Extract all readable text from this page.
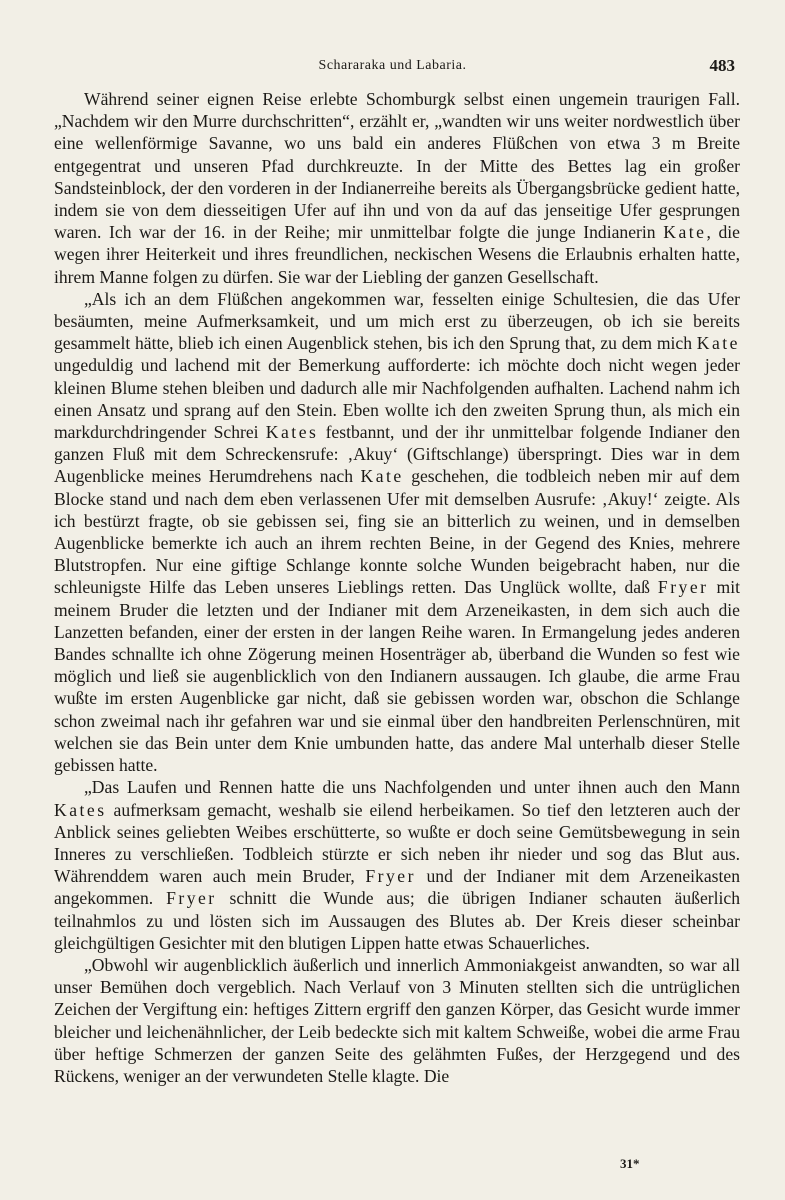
Schararaka und Labaria.	483

Während seiner eignen Reise erlebte Schomburgk selbst einen ungemein traurigen Fall. „Nachdem wir den Murre durchschritten“, erzählt er, „wandten wir uns weiter nordwestlich über eine wellenförmige Savanne, wo uns bald ein anderes Flüßchen von etwa 3 m Breite entgegentrat und unseren Pfad durchkreuzte. In der Mitte des Bettes lag ein großer Sandsteinblock, der den vorderen in der Indianerreihe bereits als Übergangsbrücke gedient hatte, indem sie von dem diesseitigen Ufer auf ihn und von da auf das jenseitige Ufer gesprungen waren. Ich war der 16. in der Reihe; mir unmittelbar folgte die junge Indianerin Kate, die wegen ihrer Heiterkeit und ihres freundlichen, neckischen Wesens die Erlaubnis erhalten hatte, ihrem Manne folgen zu dürfen. Sie war der Liebling der ganzen Gesellschaft.

„Als ich an dem Flüßchen angekommen war, fesselten einige Schultesien, die das Ufer besäumten, meine Aufmerksamkeit, und um mich erst zu überzeugen, ob ich sie bereits gesammelt hätte, blieb ich einen Augenblick stehen, bis ich den Sprung that, zu dem mich Kate ungeduldig und lachend mit der Bemerkung aufforderte: ich möchte doch nicht wegen jeder kleinen Blume stehen bleiben und dadurch alle mir Nachfolgenden aufhalten. Lachend nahm ich einen Ansatz und sprang auf den Stein. Eben wollte ich den zweiten Sprung thun, als mich ein markdurchdringender Schrei Kates festbannt, und der ihr unmittelbar folgende Indianer den ganzen Fluß mit dem Schreckensrufe: ‚Akuy‘ (Giftschlange) überspringt. Dies war in dem Augenblicke meines Herumdrehens nach Kate geschehen, die todbleich neben mir auf dem Blocke stand und nach dem eben verlassenen Ufer mit demselben Ausrufe: ‚Akuy!‘ zeigte. Als ich bestürzt fragte, ob sie gebissen sei, fing sie an bitterlich zu weinen, und in demselben Augenblicke bemerkte ich auch an ihrem rechten Beine, in der Gegend des Knies, mehrere Blutstropfen. Nur eine giftige Schlange konnte solche Wunden beigebracht haben, nur die schleunigste Hilfe das Leben unseres Lieblings retten. Das Unglück wollte, daß Fryer mit meinem Bruder die letzten und der Indianer mit dem Arzeneikasten, in dem sich auch die Lanzetten befanden, einer der ersten in der langen Reihe waren. In Ermangelung jedes anderen Bandes schnallte ich ohne Zögerung meinen Hosenträger ab, überband die Wunden so fest wie möglich und ließ sie augenblicklich von den Indianern aussaugen. Ich glaube, die arme Frau wußte im ersten Augenblicke gar nicht, daß sie gebissen worden war, obschon die Schlange schon zweimal nach ihr gefahren war und sie einmal über den handbreiten Perlenschnüren, mit welchen sie das Bein unter dem Knie umbunden hatte, das andere Mal unterhalb dieser Stelle gebissen hatte.

„Das Laufen und Rennen hatte die uns Nachfolgenden und unter ihnen auch den Mann Kates aufmerksam gemacht, weshalb sie eilend herbeikamen. So tief den letzteren auch der Anblick seines geliebten Weibes erschütterte, so wußte er doch seine Gemütsbewegung in sein Inneres zu verschließen. Todbleich stürzte er sich neben ihr nieder und sog das Blut aus. Währenddem waren auch mein Bruder, Fryer und der Indianer mit dem Arzeneikasten angekommen. Fryer schnitt die Wunde aus; die übrigen Indianer schauten äußerlich teilnahmlos zu und lösten sich im Aussaugen des Blutes ab. Der Kreis dieser scheinbar gleichgültigen Gesichter mit den blutigen Lippen hatte etwas Schauerliches.

„Obwohl wir augenblicklich äußerlich und innerlich Ammoniakgeist anwandten, so war all unser Bemühen doch vergeblich. Nach Verlauf von 3 Minuten stellten sich die untrüglichen Zeichen der Vergiftung ein: heftiges Zittern ergriff den ganzen Körper, das Gesicht wurde immer bleicher und leichenähnlicher, der Leib bedeckte sich mit kaltem Schweiße, wobei die arme Frau über heftige Schmerzen der ganzen Seite des gelähmten Fußes, der Herzgegend und des Rückens, weniger an der verwundeten Stelle klagte. Die

31*
